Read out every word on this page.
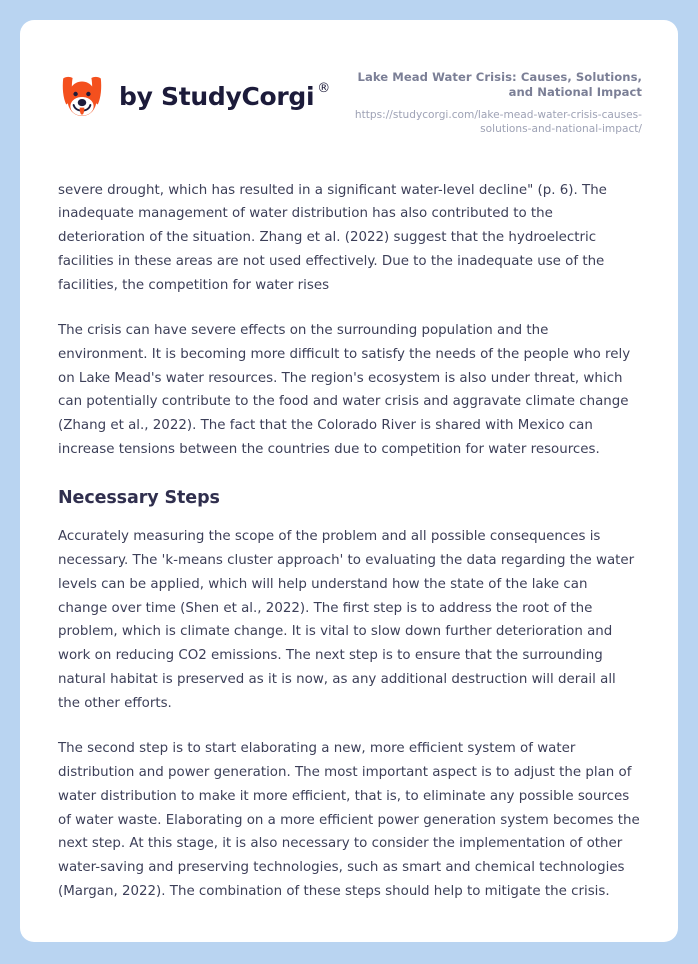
by StudyCorgi ®
Lake Mead Water Crisis: Causes, Solutions, and National Impact
https://studycorgi.com/lake-mead-water-crisis-causes-solutions-and-national-impact/

severe drought, which has resulted in a significant water-level decline" (p. 6). The inadequate management of water distribution has also contributed to the deterioration of the situation. Zhang et al. (2022) suggest that the hydroelectric facilities in these areas are not used effectively. Due to the inadequate use of the facilities, the competition for water rises

The crisis can have severe effects on the surrounding population and the environment. It is becoming more difficult to satisfy the needs of the people who rely on Lake Mead's water resources. The region's ecosystem is also under threat, which can potentially contribute to the food and water crisis and aggravate climate change (Zhang et al., 2022). The fact that the Colorado River is shared with Mexico can increase tensions between the countries due to competition for water resources.

Necessary Steps

Accurately measuring the scope of the problem and all possible consequences is necessary. The 'k-means cluster approach' to evaluating the data regarding the water levels can be applied, which will help understand how the state of the lake can change over time (Shen et al., 2022). The first step is to address the root of the problem, which is climate change. It is vital to slow down further deterioration and work on reducing CO2 emissions. The next step is to ensure that the surrounding natural habitat is preserved as it is now, as any additional destruction will derail all the other efforts.

The second step is to start elaborating a new, more efficient system of water distribution and power generation. The most important aspect is to adjust the plan of water distribution to make it more efficient, that is, to eliminate any possible sources of water waste. Elaborating on a more efficient power generation system becomes the next step. At this stage, it is also necessary to consider the implementation of other water-saving and preserving technologies, such as smart and chemical technologies (Margan, 2022). The combination of these steps should help to mitigate the crisis.
